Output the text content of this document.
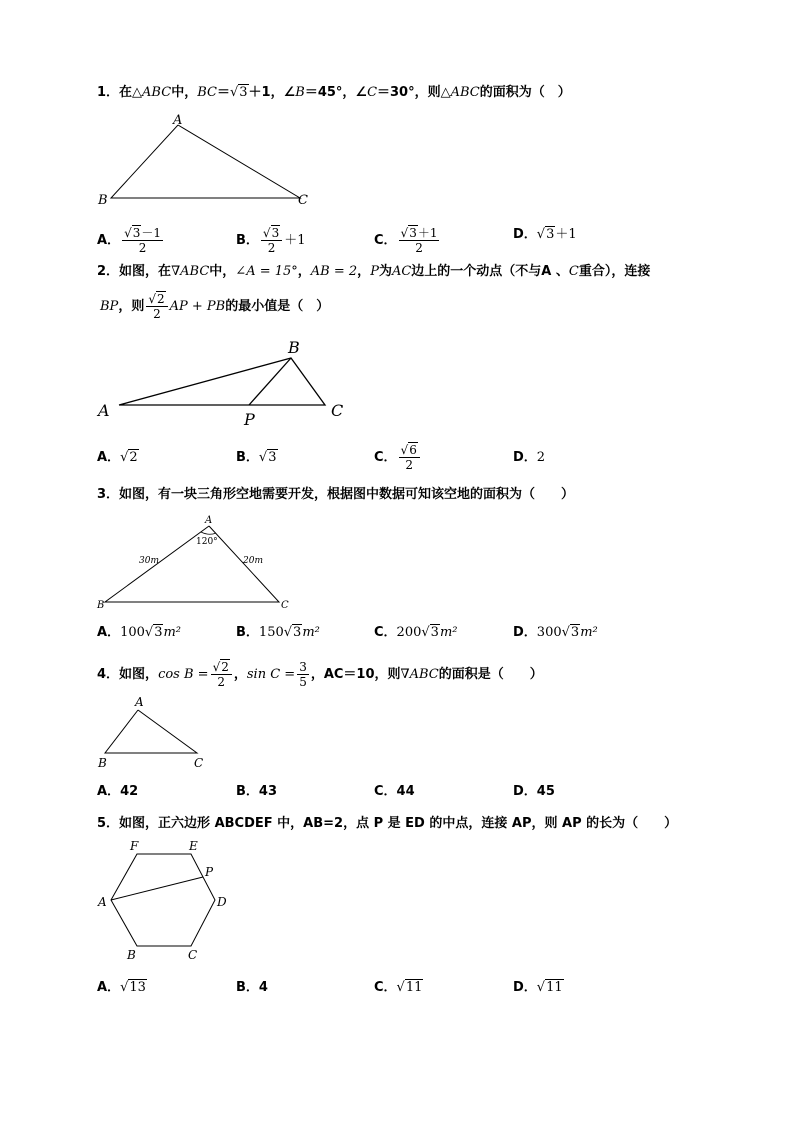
1．在△ABC中，BC＝√3＋1，∠B＝45°，∠C＝30°，则△ABC的面积为（　）
A
B	C
A． $\frac{√3-1}{2}$	B． $\frac{√3}{2} +1$	C． $\frac{√3+1}{2}$	D．√3＋1
2．如图，在∇ABC中，∠A = 15°，AB = 2，P为AC边上的一个动点（不与A 、C重合），连接
BP，则 $\frac{√2}{2}$ AP + PB的最小值是（　）
A
B
C
P
A．√2	B．√3	C． $\frac{√6}{2}$	D．2
3．如图，有一块三角形空地需要开发，根据图中数据可知该空地的面积为（　　）
A
B	C
120°
30m	20m
A．100√3m²	B．150√3m²	C．200√3m²	D．300√3m²
4．如图，$\cos B = \frac{√2}{2}$ ，$\sin C = \frac{3}{5}$ ，AC＝10，则∇ABC的面积是（　　）
A
B	C
A．42	B．43	C．44	D．45
5．如图，正六边形 ABCDEF 中，AB=2，点 P 是 ED 的中点，连接 AP，则 AP 的长为（　　）
A
B	C
D
E
F
P
A．√13	B．4	C．√11	D．√11
